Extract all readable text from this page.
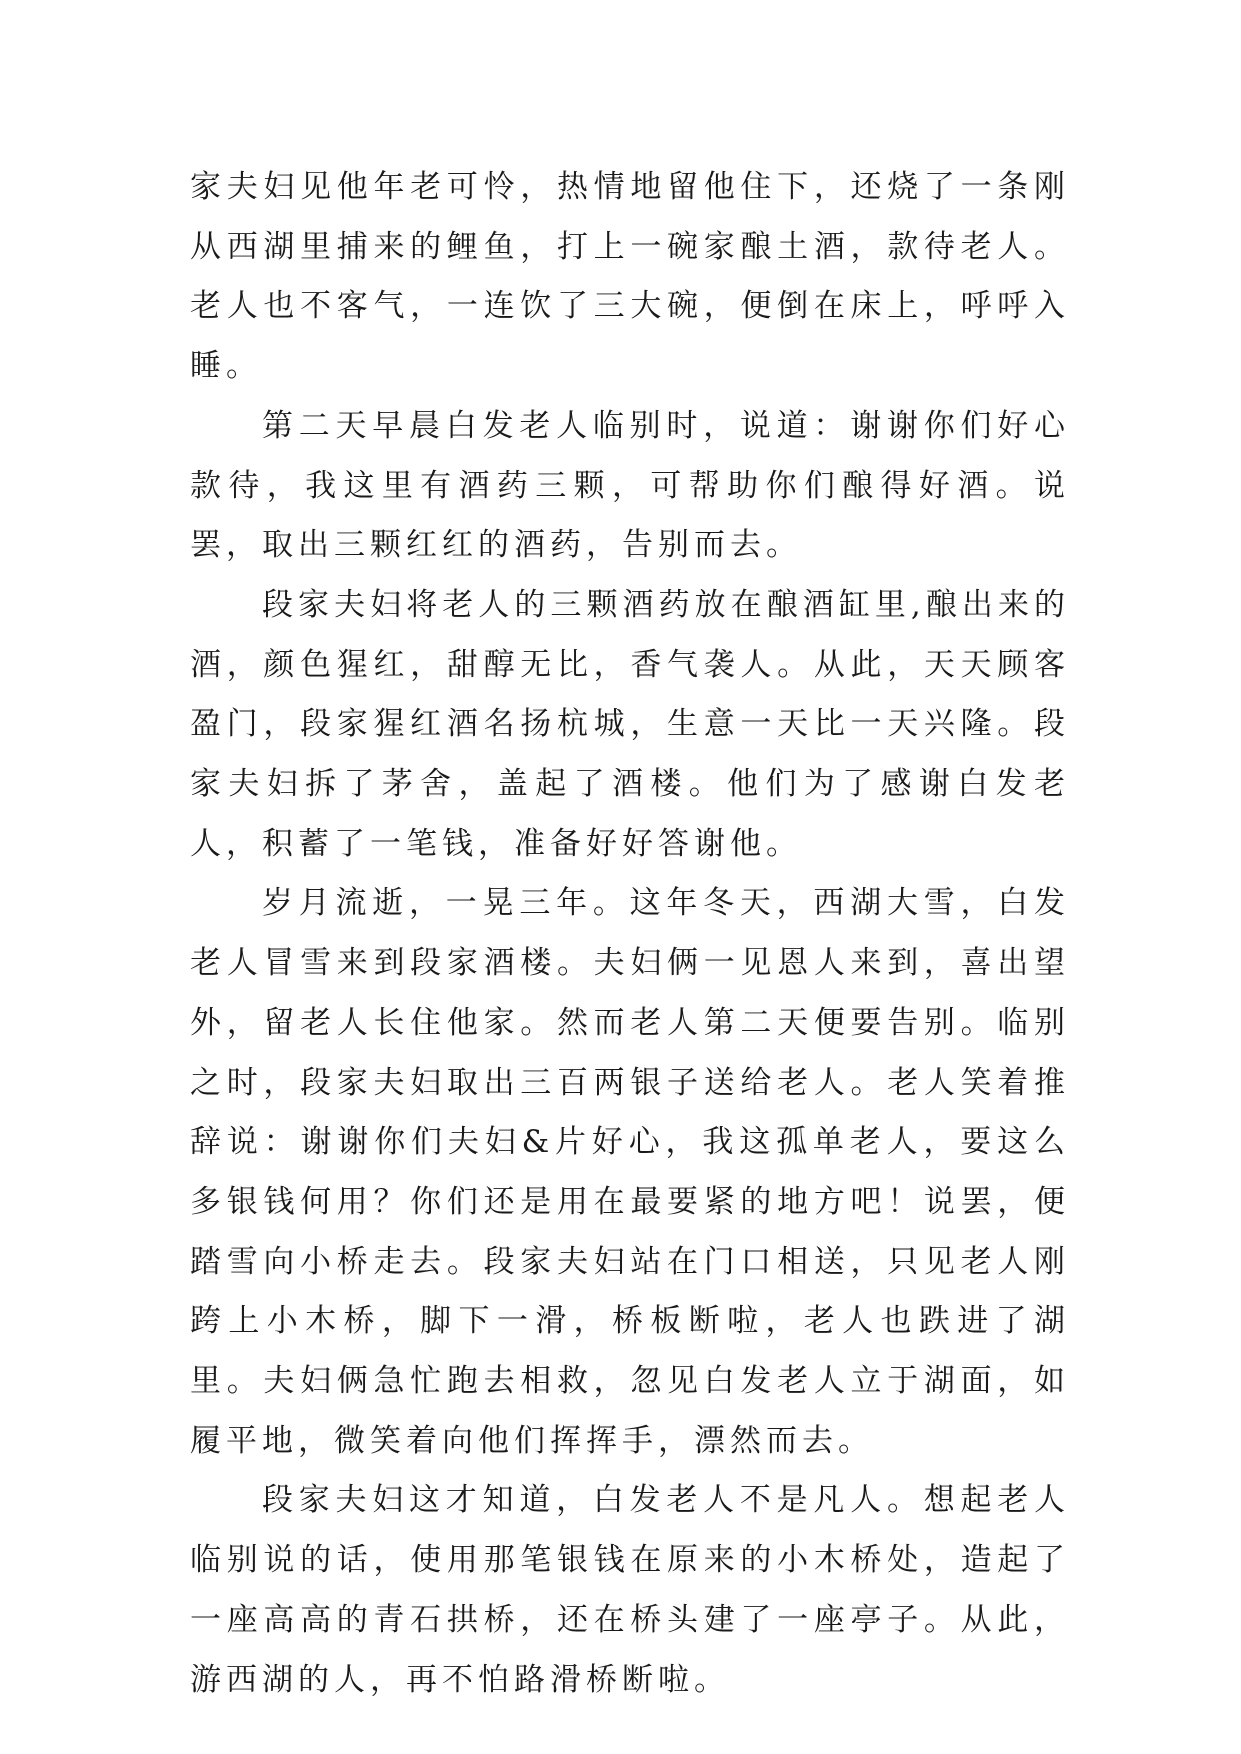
家夫妇见他年老可怜，热情地留他住下，还烧了一条刚从西湖里捕来的鲤鱼，打上一碗家酿土酒，款待老人。老人也不客气，一连饮了三大碗，便倒在床上，呼呼入睡。

第二天早晨白发老人临别时，说道：谢谢你们好心款待，我这里有酒药三颗，可帮助你们酿得好酒。说罢，取出三颗红红的酒药，告别而去。

段家夫妇将老人的三颗酒药放在酿酒缸里,酿出来的酒，颜色猩红，甜醇无比，香气袭人。从此，天天顾客盈门，段家猩红酒名扬杭城，生意一天比一天兴隆。段家夫妇拆了茅舍，盖起了酒楼。他们为了感谢白发老人，积蓄了一笔钱，准备好好答谢他。

岁月流逝，一晃三年。这年冬天，西湖大雪，白发老人冒雪来到段家酒楼。夫妇俩一见恩人来到，喜出望外，留老人长住他家。然而老人第二天便要告别。临别之时，段家夫妇取出三百两银子送给老人。老人笑着推辞说：谢谢你们夫妇&片好心，我这孤单老人，要这么多银钱何用？你们还是用在最要紧的地方吧！说罢，便踏雪向小桥走去。段家夫妇站在门口相送，只见老人刚跨上小木桥，脚下一滑，桥板断啦，老人也跌进了湖里。夫妇俩急忙跑去相救，忽见白发老人立于湖面，如履平地，微笑着向他们挥挥手，漂然而去。

段家夫妇这才知道，白发老人不是凡人。想起老人临别说的话，使用那笔银钱在原来的小木桥处，造起了一座高高的青石拱桥，还在桥头建了一座亭子。从此，游西湖的人，再不怕路滑桥断啦。
